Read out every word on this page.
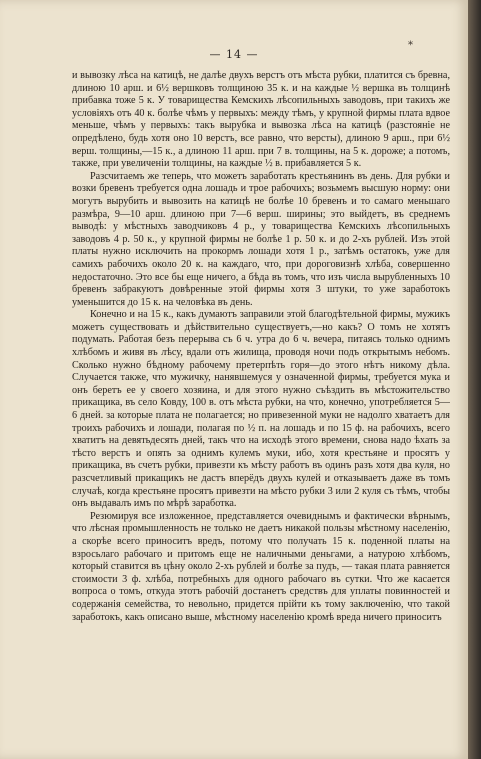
*
— 14 —

и вывозку лѣса на катицѣ, не далѣе двухъ верстъ отъ мѣста рубки, платится съ бревна, длиною 10 арш. и 6½ вершковъ толщиною 35 к. и на каждые ½ вершка въ толщинѣ прибавка тоже 5 к. У товарищества Кемскихъ лѣсопильныхъ заводовъ, при такихъ же условіяхъ отъ 40 к. болѣе чѣмъ у первыхъ: между тѣмъ, у крупной фирмы плата вдвое меньше, чѣмъ у первыхъ: такъ вырубка и вывозка лѣса на катицѣ (разстояніе не опредѣлено, будь хотя оно 10 верстъ, все равно, что версты), длиною 9 арш., при 6½ верш. толщины,—15 к., а длиною 11 арш. при 7 в. толщины, на 5 к. дороже; а потомъ, также, при увеличеніи толщины, на каждые ½ в. прибавляется 5 к.

Разсчитаемъ же теперь, что можетъ заработать крестьянинъ въ день. Для рубки и возки бревенъ требуется одна лошадь и трое рабочихъ; возьмемъ высшую норму: они могутъ вырубить и вывозить на катицѣ не болѣе 10 бревенъ и то самаго меньшаго размѣра, 9—10 арш. длиною при 7—6 верш. ширины; это выйдетъ, въ среднемъ выводѣ: у мѣстныхъ заводчиковъ 4 р., у товарищества Кемскихъ лѣсопильныхъ заводовъ 4 р. 50 к., у крупной фирмы не болѣе 1 р. 50 к. и до 2-хъ рублей. Изъ этой платы нужно исключить на прокормъ лошади хотя 1 р., затѣмъ остатокъ, уже для самихъ рабочихъ около 20 к. на каждаго, что, при дороговизнѣ хлѣба, совершенно недостаточно. Это все бы еще ничего, а бѣда въ томъ, что изъ числа вырубленныхъ 10 бревенъ забракуютъ довѣренные этой фирмы хотя 3 штуки, то уже заработокъ уменьшится до 15 к. на человѣка въ день.

Конечно и на 15 к., какъ думаютъ заправили этой благодѣтельной фирмы, мужикъ можетъ существовать и дѣйствительно существуетъ,—но какъ? О томъ не хотятъ подумать. Работая безъ перерыва съ 6 ч. утра до 6 ч. вечера, питаясь только однимъ хлѣбомъ и живя въ лѣсу, вдали отъ жилища, проводя ночи подъ открытымъ небомъ. Сколько нужно бѣдному рабочему претерпѣть горя—до этого нѣтъ никому дѣла. Случается также, что мужичку, нанявшемуся у означенной фирмы, требуется мука и онъ беретъ ее у своего хозяина, и для этого нужно съѣздить въ мѣстожительство прикащика, въ село Ковду, 100 в. отъ мѣста рубки, на что, конечно, употребляется 5—6 дней. за которые плата не полагается; но привезенной муки не надолго хватаетъ для троихъ рабочихъ и лошади, полагая по ½ п. на лошадь и по 15 ф. на рабочихъ, всего хватитъ на девятьдесять дней, такъ что на исходѣ этого времени, снова надо ѣхать за тѣсто верстъ и опять за однимъ кулемъ муки, ибо, хотя крестьяне и просятъ у прикащика, въ счетъ рубки, привезти къ мѣсту работъ въ одинъ разъ хотя два куля, но разсчетливый прикащикъ не дастъ вперёдъ двухъ кулей и отказываетъ даже въ томъ случаѣ, когда крестьяне просятъ привезти на мѣсто рубки 3 или 2 куля съ тѣмъ, чтобы онъ выдавалъ имъ по мѣрѣ заработка.

Резюмируя все изложенное, представляется очевиднымъ и фактически вѣрнымъ, что лѣсная промышленность не только не даетъ никакой пользы мѣстному населенію, а скорѣе всего приноситъ вредъ, потому что получать 15 к. поденной платы на взросьлаго рабочаго и притомъ еще не наличными деньгами, а натурою хлѣбомъ, который ставится въ цѣну около 2-хъ рублей и болѣе за пудъ, — такая плата равняется стоимости 3 ф. хлѣба, потребныхъ для одного рабочаго въ сутки. Что же касается вопроса о томъ, откуда этотъ рабочій достанетъ средствъ для уплаты повинностей и содержанія семейства, то невольно, придется прійти къ тому заключенію, что такой заработокъ, какъ описано выше, мѣстному населенію кромѣ вреда ничего приноситъ
